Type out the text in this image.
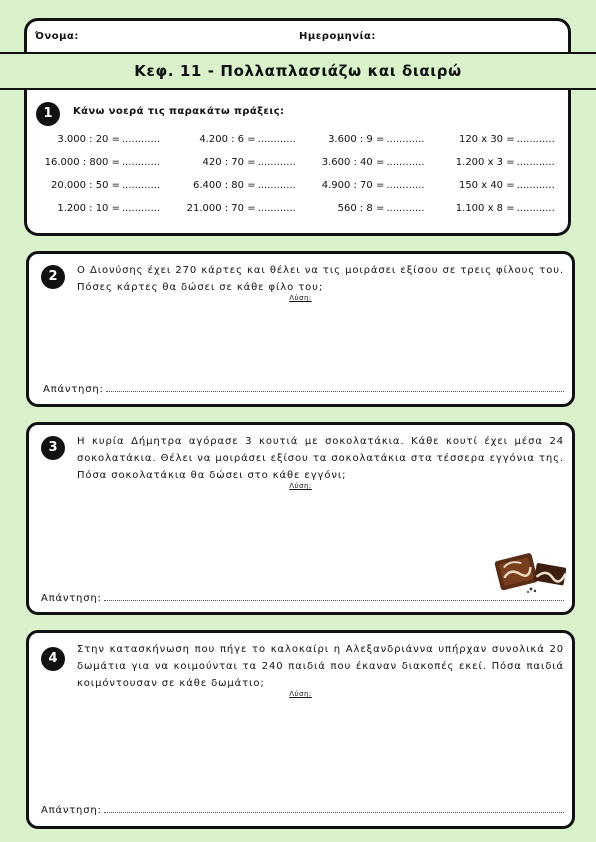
Όνομα:	Ημερομηνία:
1	Κάνω νοερά τις παρακάτω πράξεις:
3.000 : 20 =	............	4.200 : 6 =	............	3.600 : 9 =	............	120 x 30 =	............
16.000 : 800 =	............	420 : 70 =	............	3.600 : 40 =	............	1.200 x 3 =	............
20.000 : 50 =	............	6.400 : 80 =	............	4.900 : 70 =	............	150 x 40 =	............
1.200 : 10 =	............	21.000 : 70 =	............	560 : 8 =	............	1.100 x 8 =	............
Κεφ. 11 - Πολλαπλασιάζω και διαιρώ
2	Ο Διονύσης έχει 270 κάρτες και θέλει να τις μοιράσει εξίσου σε τρεις φίλους του. Πόσες κάρτες θα δώσει σε κάθε φίλο του;

Λύση:
Απάντηση:
3	Η κυρία Δήμητρα αγόρασε 3 κουτιά με σοκολατάκια. Κάθε κουτί έχει μέσα 24 σοκολατάκια. Θέλει να μοιράσει εξίσου τα σοκολατάκια στα τέσσερα εγγόνια της. Πόσα σοκολατάκια θα δώσει στο κάθε εγγόνι;

Λύση:
Απάντηση:
4

Στην κατασκήνωση που πήγε το καλοκαίρι η Αλεξανδριάννα υπήρχαν συνολικά 20 δωμάτια για να κοιμούνται τα 240 παιδιά που έκαναν διακοπές εκεί. Πόσα παιδιά κοιμόντουσαν σε κάθε δωμάτιο;

Λύση:
Απάντηση:
